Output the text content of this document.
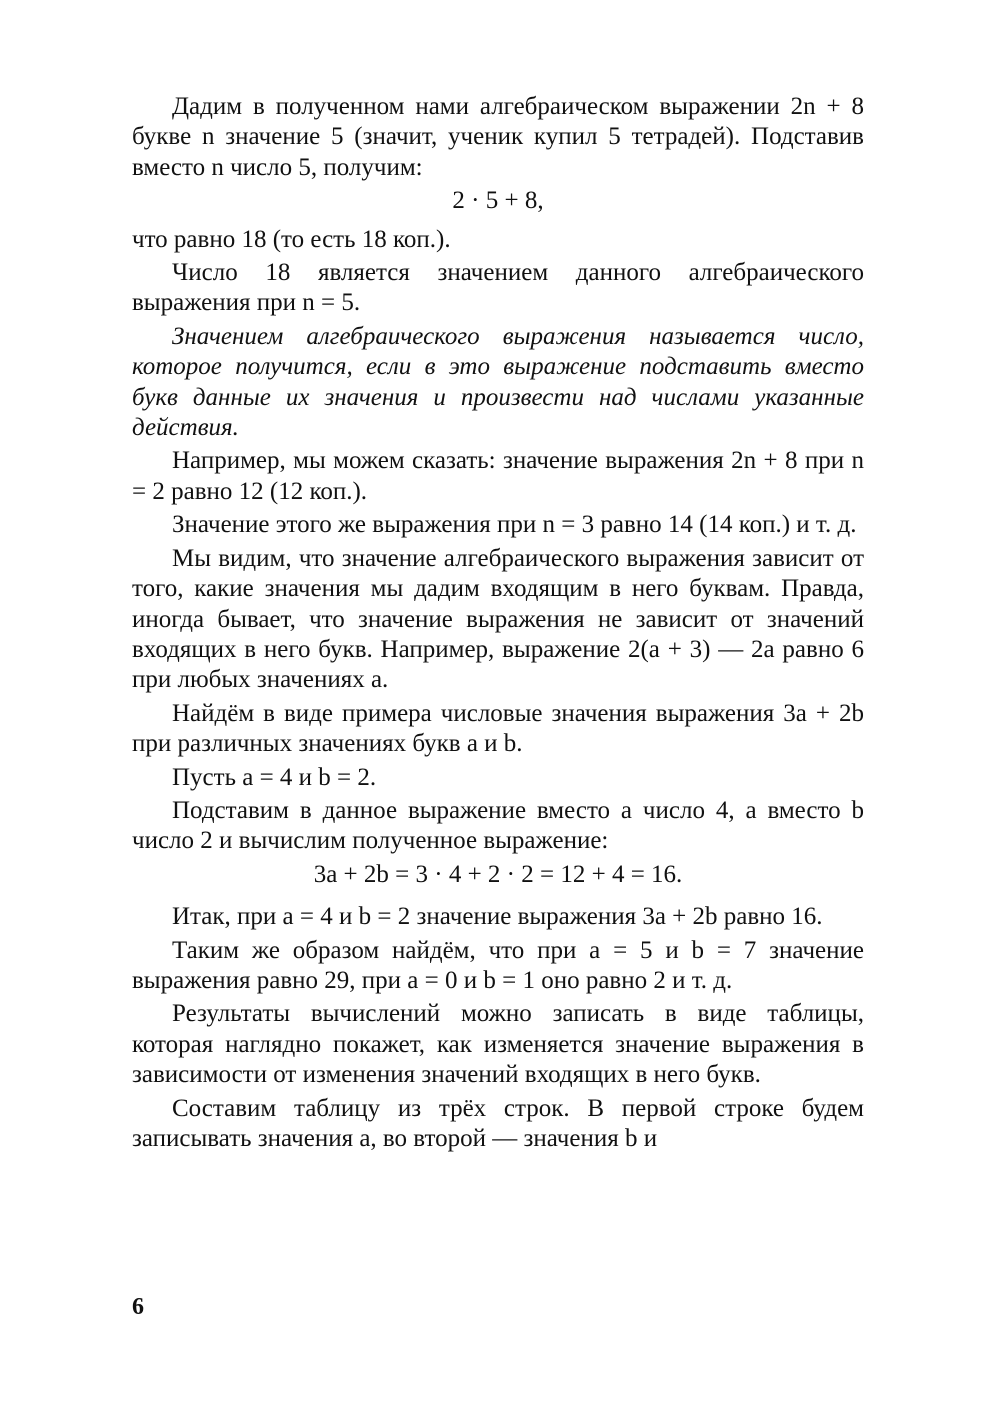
Дадим в полученном нами алгебраическом выражении 2n + 8 букве n значение 5 (значит, ученик купил 5 тетрадей). Подставив вместо n число 5, получим:

2 · 5 + 8,

что равно 18 (то есть 18 коп.).

Число 18 является значением данного алгебраического выражения при n = 5.

Значением алгебраического выражения называется число, которое получится, если в это выражение подставить вместо букв данные их значения и произвести над числами указанные действия.

Например, мы можем сказать: значение выражения 2n + 8 при n = 2 равно 12 (12 коп.).

Значение этого же выражения при n = 3 равно 14 (14 коп.) и т. д.

Мы видим, что значение алгебраического выражения зависит от того, какие значения мы дадим входящим в него буквам. Правда, иногда бывает, что значение выражения не зависит от значений входящих в него букв. Например, выражение 2(a + 3) — 2a равно 6 при любых значениях a.

Найдём в виде примера числовые значения выражения 3a + 2b при различных значениях букв a и b.

Пусть a = 4 и b = 2.

Подставим в данное выражение вместо a число 4, а вместо b число 2 и вычислим полученное выражение:

3a + 2b = 3 · 4 + 2 · 2 = 12 + 4 = 16.

Итак, при a = 4 и b = 2 значение выражения 3a + 2b равно 16.

Таким же образом найдём, что при a = 5 и b = 7 значение выражения равно 29, при a = 0 и b = 1 оно равно 2 и т. д.

Результаты вычислений можно записать в виде таблицы, которая наглядно покажет, как изменяется значение выражения в зависимости от изменения значений входящих в него букв.

Составим таблицу из трёх строк. В первой строке будем записывать значения a, во второй — значения b и

6
